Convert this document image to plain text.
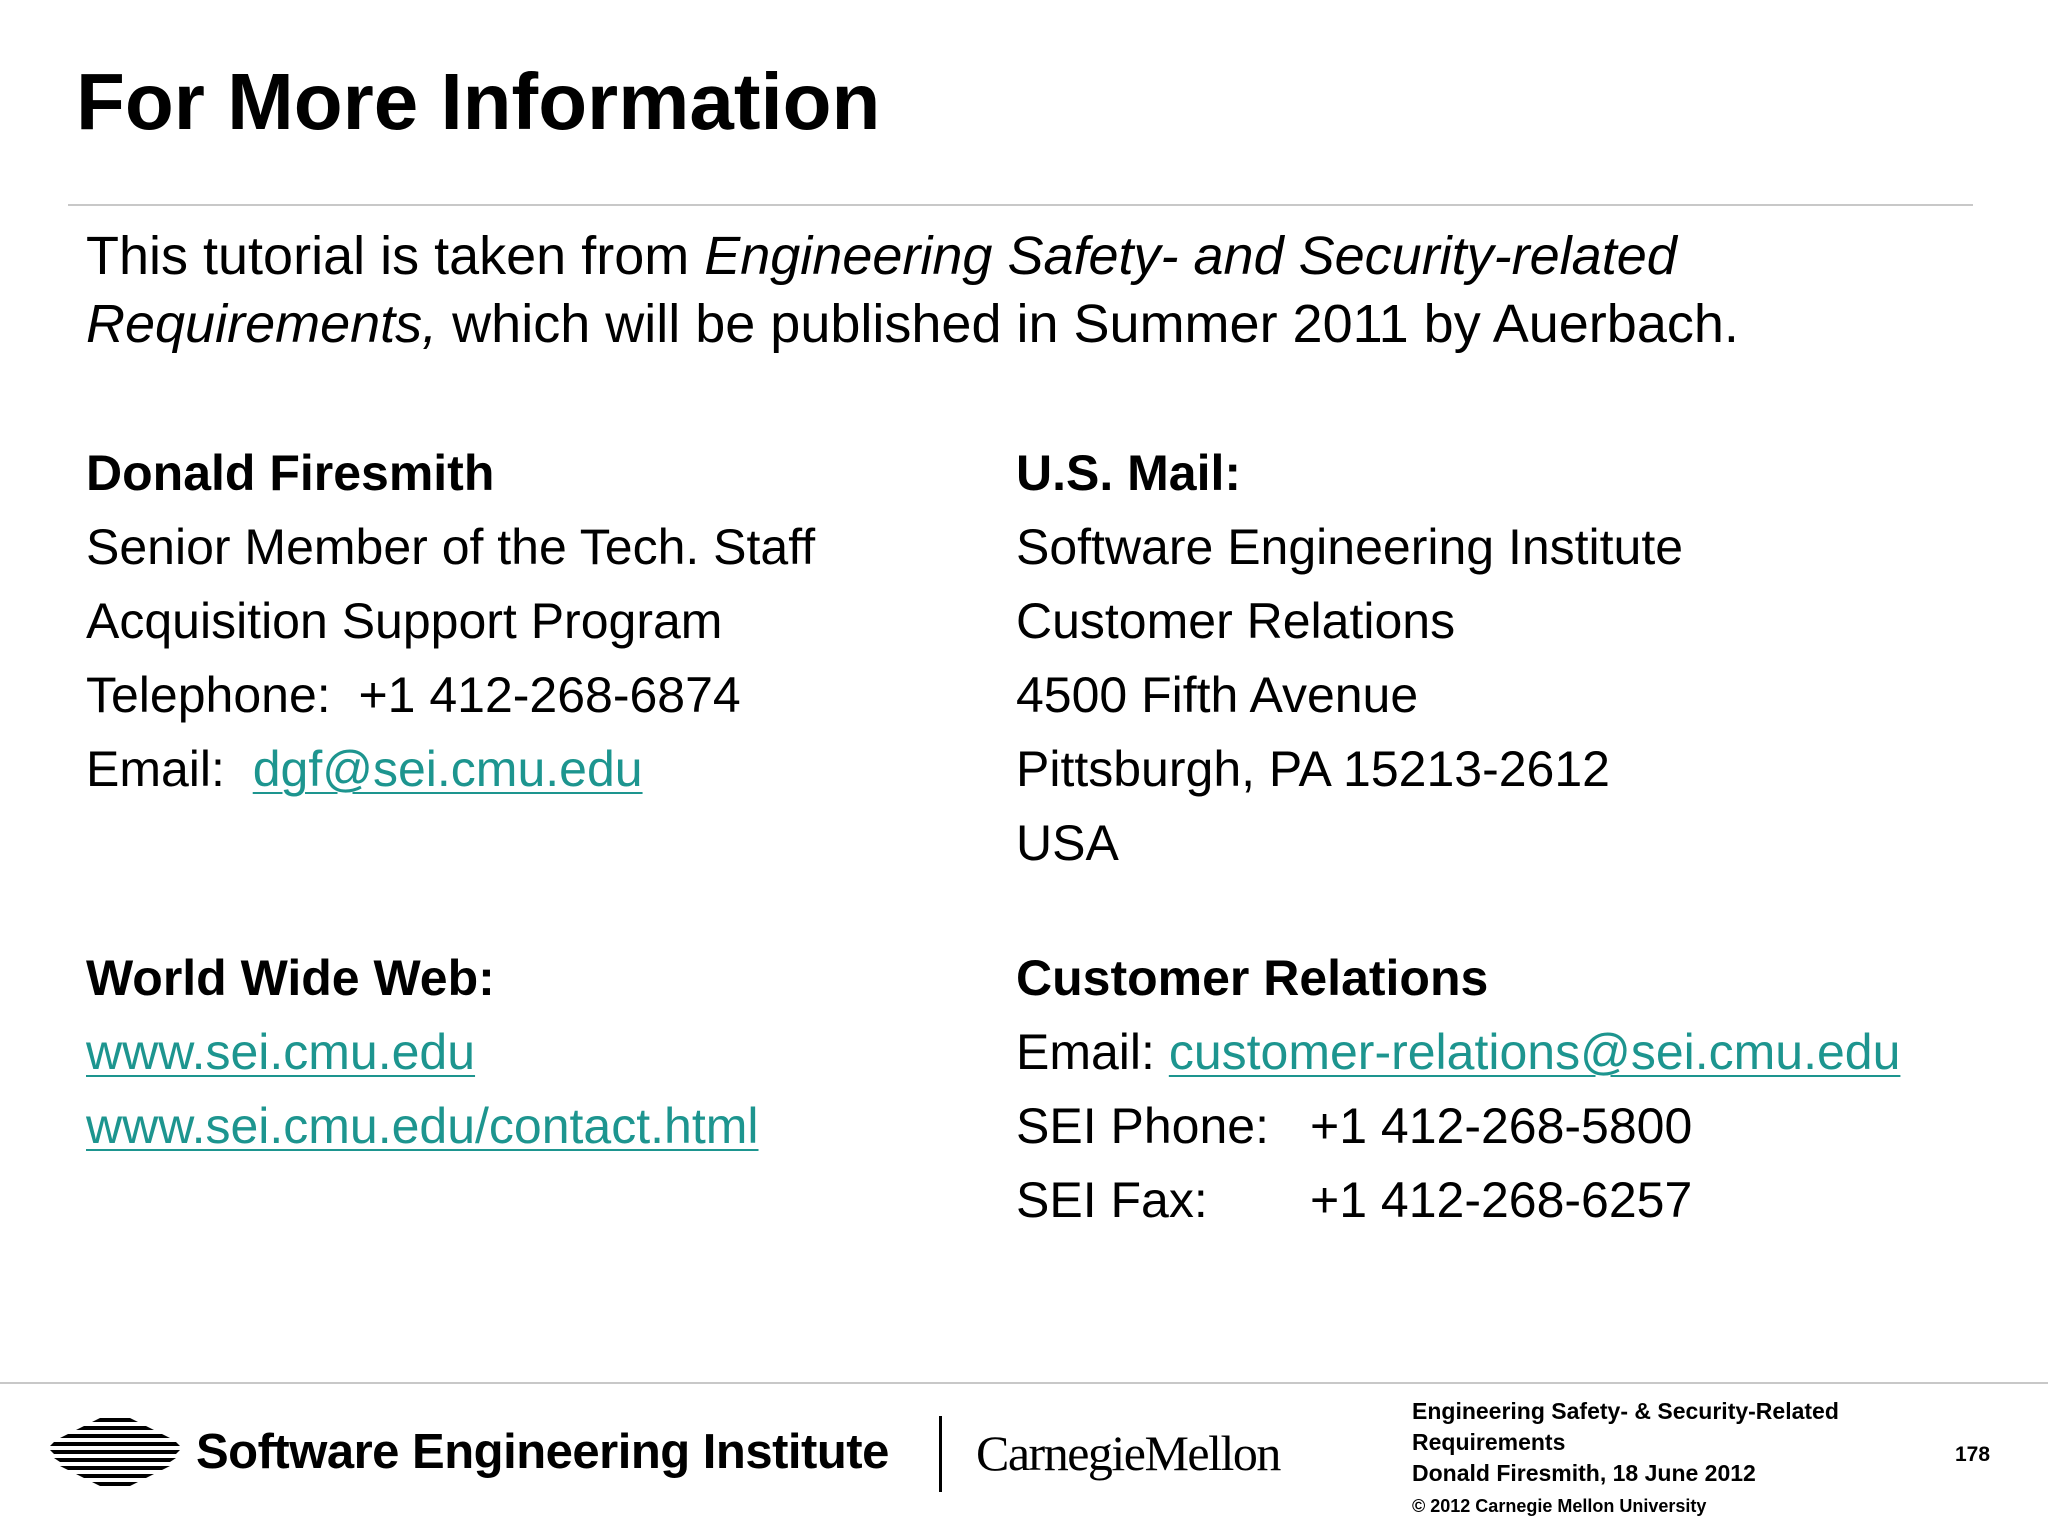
For More Information

This tutorial is taken from Engineering Safety- and Security-related
Requirements, which will be published in Summer 2011 by Auerbach.

Donald Firesmith
Senior Member of the Tech. Staff
Acquisition Support Program
Telephone: +1 412-268-6874
Email: dgf@sei.cmu.edu
U.S. Mail:
Software Engineering Institute
Customer Relations
4500 Fifth Avenue
Pittsburgh, PA 15213-2612
USA
World Wide Web:
www.sei.cmu.edu
www.sei.cmu.edu/contact.html
Customer Relations
Email: customer-relations@sei.cmu.edu
SEI Phone: +1 412-268-5800
SEI Fax: +1 412-268-6257
Software Engineering Institute CarnegieMellon
Engineering Safety- & Security-Related
Requirements
Donald Firesmith, 18 June 2012
© 2012 Carnegie Mellon University
178
